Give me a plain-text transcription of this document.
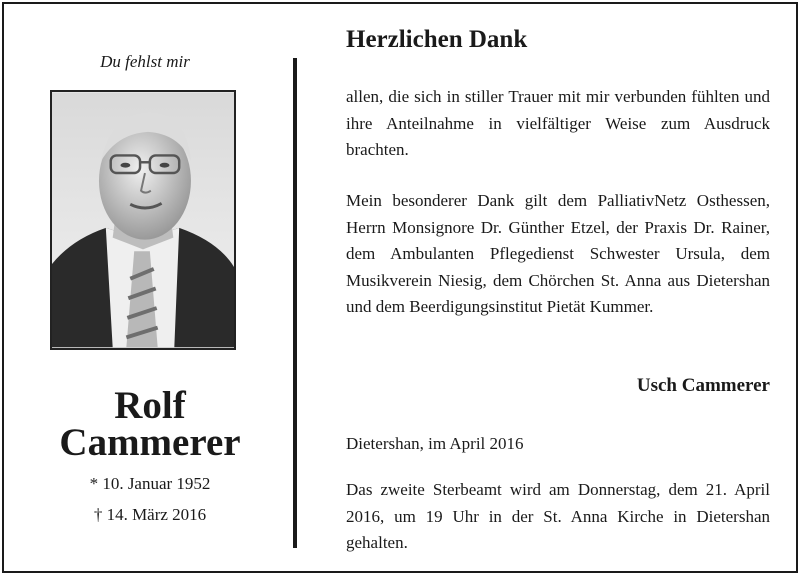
Du fehlst mir
Rolf
Cammerer
* 10. Januar 1952
† 14. März 2016
Herzlichen Dank
allen, die sich in stiller Trauer mit mir verbunden fühlten und ihre Anteilnahme in vielfältiger Weise zum Ausdruck brachten.
Mein besonderer Dank gilt dem PalliativNetz Osthessen, Herrn Monsignore Dr. Günther Etzel, der Praxis Dr. Rainer, dem Ambulanten Pflegedienst Schwester Ursula, dem Musikverein Niesig, dem Chörchen St. Anna aus Dietershan und dem Beerdigungsinstitut Pietät Kummer.
Usch Cammerer
Dietershan, im April 2016
Das zweite Sterbeamt wird am Donnerstag, dem 21. April 2016, um 19 Uhr in der St. Anna Kirche in Dietershan gehalten.
